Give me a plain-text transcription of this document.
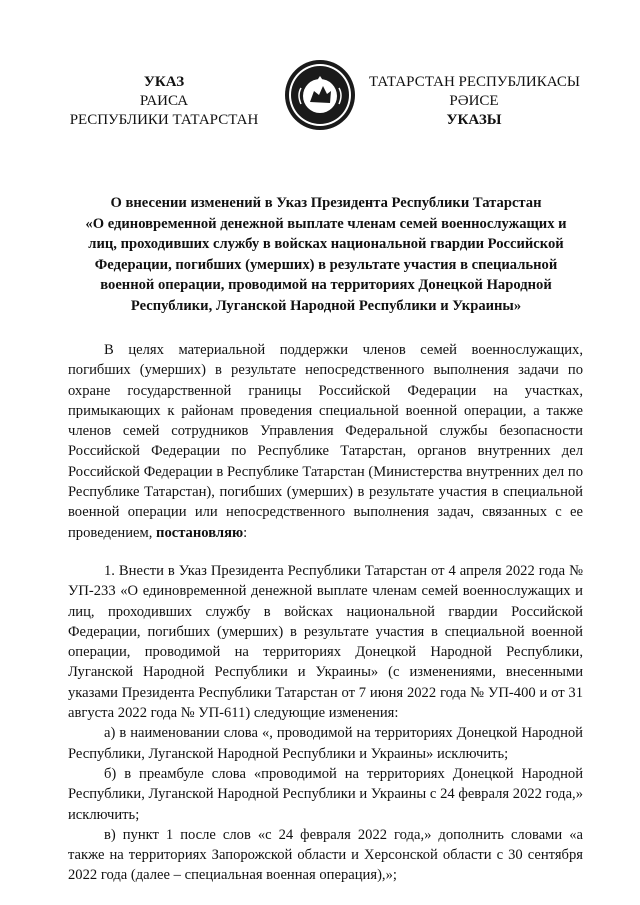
УКАЗ
РАИСА
РЕСПУБЛИКИ ТАТАРСТАН
ТАТАРСТАН РЕСПУБЛИКАСЫ
РӘИСЕ
УКАЗЫ
О внесении изменений в Указ Президента Республики Татарстан
«О единовременной денежной выплате членам семей военнослужащих и
лиц, проходивших службу в войсках национальной гвардии Российской
Федерации, погибших (умерших) в результате участия в специальной
военной операции, проводимой на территориях Донецкой Народной
Республики, Луганской Народной Республики и Украины»

В целях материальной поддержки членов семей военнослужащих, погибших (умерших) в результате непосредственного выполнения задачи по охране государственной границы Российской Федерации на участках, примыкающих к районам проведения специальной военной операции, а также членов семей сотрудников Управления Федеральной службы безопасности Российской Федерации по Республике Татарстан, органов внутренних дел Российской Федерации в Республике Татарстан (Министерства внутренних дел по Республике Татарстан), погибших (умерших) в результате участия в специальной военной операции или непосредственного выполнения задач, связанных с ее проведением, постановляю:

1. Внести в Указ Президента Республики Татарстан от 4 апреля 2022 года № УП-233 «О единовременной денежной выплате членам семей военнослужащих и лиц, проходивших службу в войсках национальной гвардии Российской Федерации, погибших (умерших) в результате участия в специальной военной операции, проводимой на территориях Донецкой Народной Республики, Луганской Народной Республики и Украины» (с изменениями, внесенными указами Президента Республики Татарстан от 7 июня 2022 года № УП-400 и от 31 августа 2022 года № УП-611) следующие изменения:

а) в наименовании слова «, проводимой на территориях Донецкой Народной Республики, Луганской Народной Республики и Украины» исключить;

б) в преамбуле слова «проводимой на территориях Донецкой Народной Республики, Луганской Народной Республики и Украины с 24 февраля 2022 года,» исключить;

в) пункт 1 после слов «с 24 февраля 2022 года,» дополнить словами «а также на территориях Запорожской области и Херсонской области с 30 сентября 2022 года (далее – специальная военная операция),»;
